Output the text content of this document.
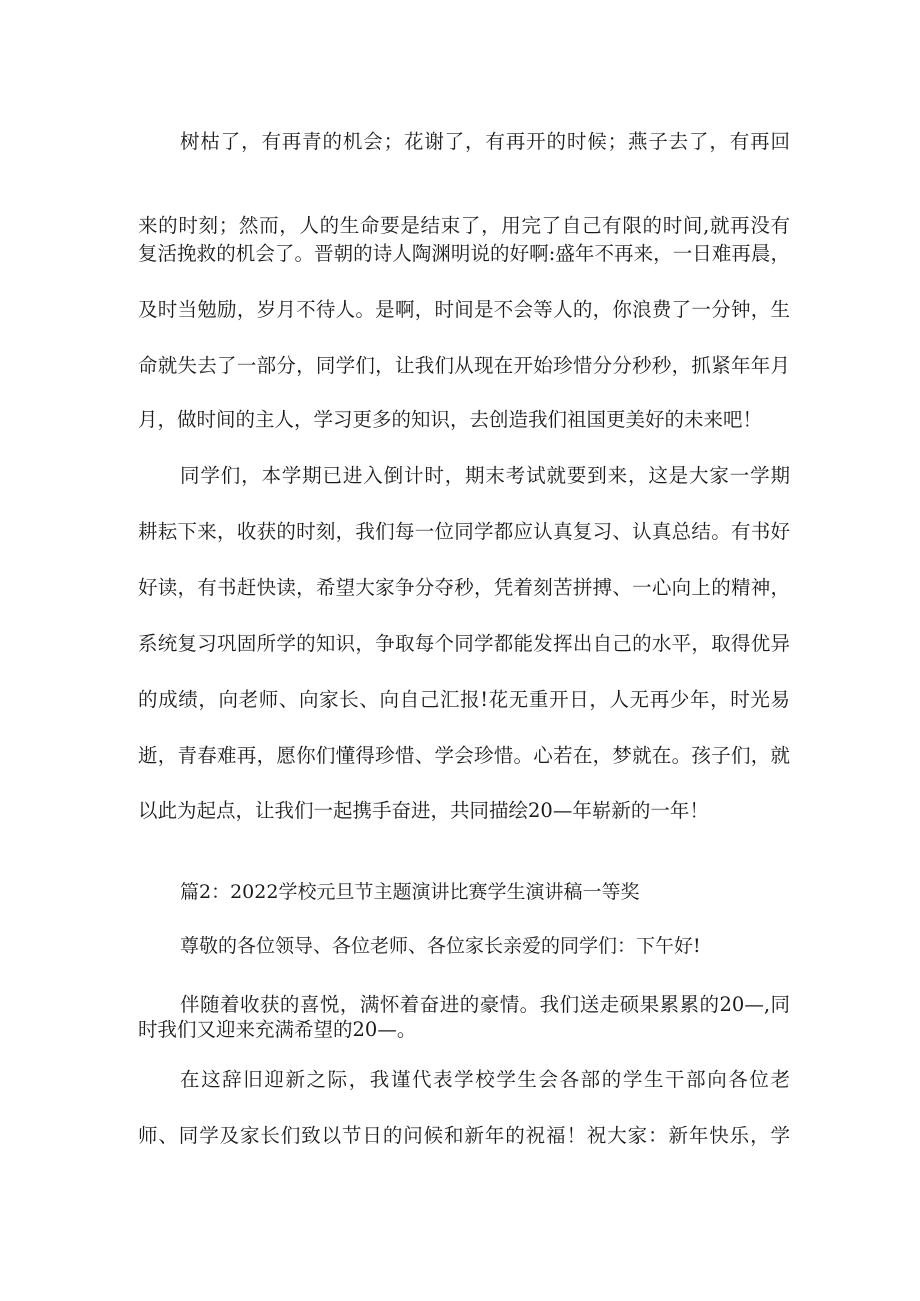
树枯了，有再青的机会；花谢了，有再开的时候；燕子去了，有再回
来的时刻；然而，人的生命要是结束了，用完了自己有限的时间,就再没有
复活挽救的机会了。晋朝的诗人陶渊明说的好啊:盛年不再来，一日难再晨，
及时当勉励，岁月不待人。是啊，时间是不会等人的，你浪费了一分钟，生
命就失去了一部分，同学们，让我们从现在开始珍惜分分秒秒，抓紧年年月
月，做时间的主人，学习更多的知识，去创造我们祖国更美好的未来吧！
同学们，本学期已进入倒计时，期末考试就要到来，这是大家一学期
耕耘下来，收获的时刻，我们每一位同学都应认真复习、认真总结。有书好
好读，有书赶快读，希望大家争分夺秒，凭着刻苦拼搏、一心向上的精神，
系统复习巩固所学的知识，争取每个同学都能发挥出自己的水平，取得优异
的成绩，向老师、向家长、向自己汇报!花无重开日，人无再少年，时光易
逝，青春难再，愿你们懂得珍惜、学会珍惜。心若在，梦就在。孩子们，就
以此为起点，让我们一起携手奋进，共同描绘20—年崭新的一年！
篇2：2022学校元旦节主题演讲比赛学生演讲稿一等奖
尊敬的各位领导、各位老师、各位家长亲爱的同学们：下午好!
伴随着收获的喜悦，满怀着奋进的豪情。我们送走硕果累累的20—,同
时我们又迎来充满希望的20—。
在这辞旧迎新之际，我谨代表学校学生会各部的学生干部向各位老
师、同学及家长们致以节日的问候和新年的祝福！祝大家：新年快乐，学
